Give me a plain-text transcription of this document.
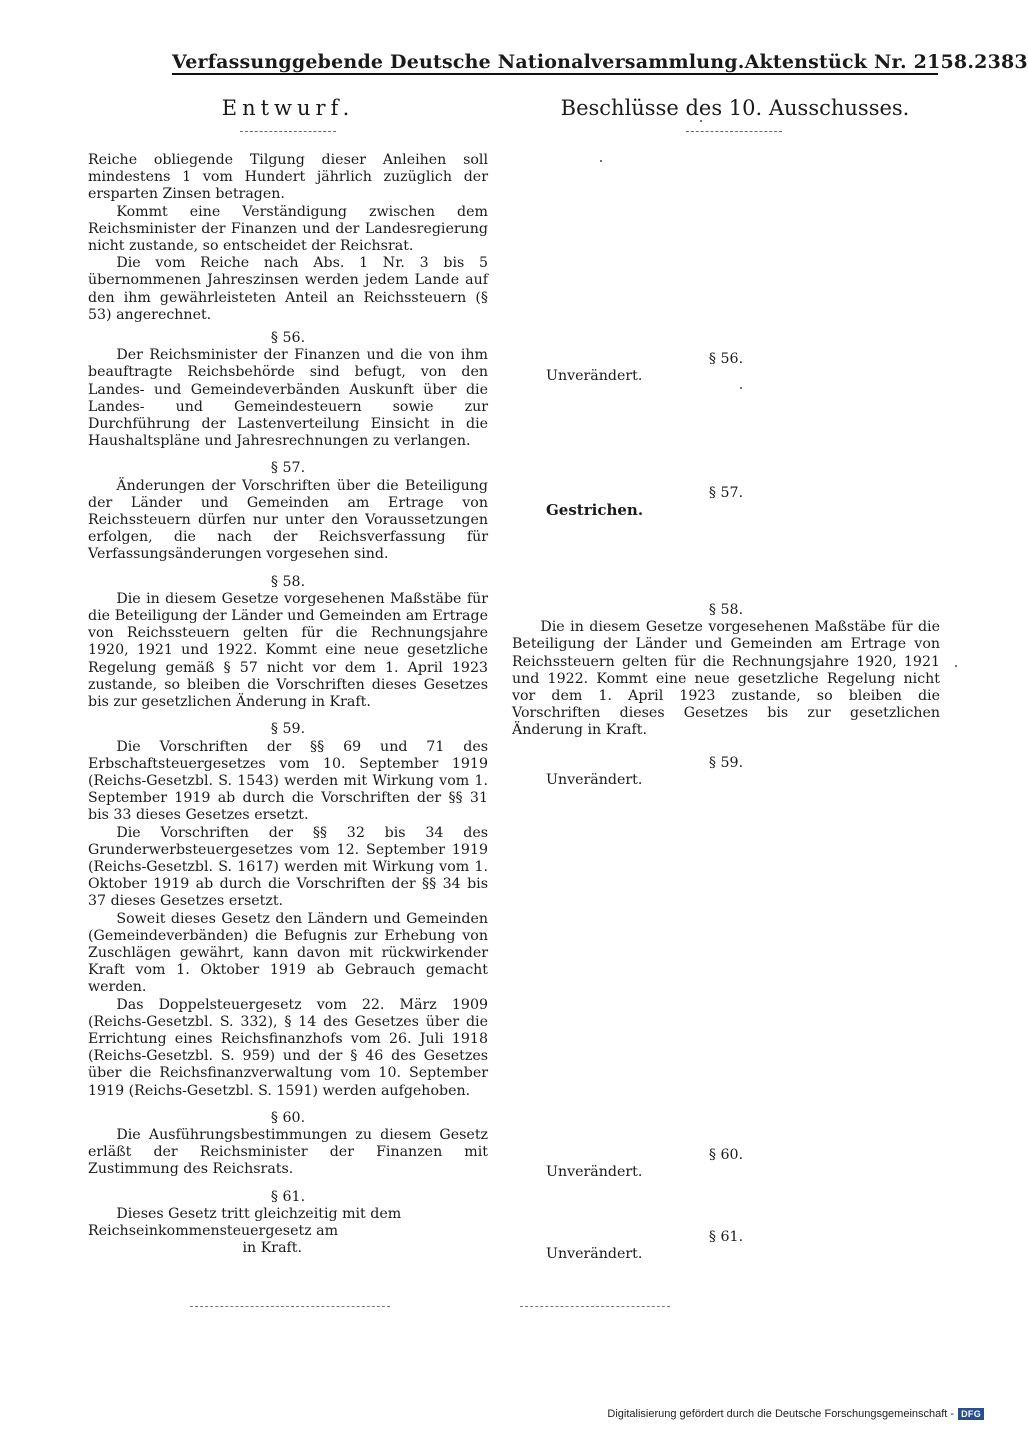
Verfassunggebende Deutsche Nationalversammlung. Aktenstück Nr. 2158. 2383
Entwurf.	Beschlüsse des 10. Ausschusses.

Reiche obliegende Tilgung dieser Anleihen soll mindestens 1 vom Hundert jährlich zuzüglich der ersparten Zinsen betragen.

Kommt eine Verständigung zwischen dem Reichsminister der Finanzen und der Landesregierung nicht zustande, so entscheidet der Reichsrat.

Die vom Reiche nach Abs. 1 Nr. 3 bis 5 übernommenen Jahreszinsen werden jedem Lande auf den ihm gewährleisteten Anteil an Reichssteuern (§ 53) angerechnet.

§ 56.

Der Reichsminister der Finanzen und die von ihm beauftragte Reichsbehörde sind befugt, von den Landes- und Gemeindeverbänden Auskunft über die Landes- und Gemeindesteuern sowie zur Durchführung der Lastenverteilung Einsicht in die Haushaltspläne und Jahresrechnungen zu verlangen.

§ 57.

Änderungen der Vorschriften über die Beteiligung der Länder und Gemeinden am Ertrage von Reichssteuern dürfen nur unter den Voraussetzungen erfolgen, die nach der Reichsverfassung für Verfassungsänderungen vorgesehen sind.

§ 58.

Die in diesem Gesetze vorgesehenen Maßstäbe für die Beteiligung der Länder und Gemeinden am Ertrage von Reichssteuern gelten für die Rechnungsjahre 1920, 1921 und 1922. Kommt eine neue gesetzliche Regelung gemäß § 57 nicht vor dem 1. April 1923 zustande, so bleiben die Vorschriften dieses Gesetzes bis zur gesetzlichen Änderung in Kraft.

§ 59.

Die Vorschriften der §§ 69 und 71 des Erbschaftsteuergesetzes vom 10. September 1919 (Reichs-Gesetzbl. S. 1543) werden mit Wirkung vom 1. September 1919 ab durch die Vorschriften der §§ 31 bis 33 dieses Gesetzes ersetzt.

Die Vorschriften der §§ 32 bis 34 des Grunderwerbsteuergesetzes vom 12. September 1919 (Reichs-Gesetzbl. S. 1617) werden mit Wirkung vom 1. Oktober 1919 ab durch die Vorschriften der §§ 34 bis 37 dieses Gesetzes ersetzt.

Soweit dieses Gesetz den Ländern und Gemeinden (Gemeindeverbänden) die Befugnis zur Erhebung von Zuschlägen gewährt, kann davon mit rückwirkender Kraft vom 1. Oktober 1919 ab Gebrauch gemacht werden.

Das Doppelsteuergesetz vom 22. März 1909 (Reichs-Gesetzbl. S. 332), § 14 des Gesetzes über die Errichtung eines Reichsfinanzhofs vom 26. Juli 1918 (Reichs-Gesetzbl. S. 959) und der § 46 des Gesetzes über die Reichsfinanzverwaltung vom 10. September 1919 (Reichs-Gesetzbl. S. 1591) werden aufgehoben.

§ 60.

Die Ausführungsbestimmungen zu diesem Gesetz erläßt der Reichsminister der Finanzen mit Zustimmung des Reichsrats.

§ 61.

Dieses Gesetz tritt gleichzeitig mit dem Reichseinkommensteuergesetz am  in Kraft.

§ 56.

Unverändert.

§ 57.

Gestrichen.

§ 58.

Die in diesem Gesetze vorgesehenen Maßstäbe für die Beteiligung der Länder und Gemeinden am Ertrage von Reichssteuern gelten für die Rechnungsjahre 1920, 1921 und 1922. Kommt eine neue gesetzliche Regelung nicht vor dem 1. April 1923 zustande, so bleiben die Vorschriften dieses Gesetzes bis zur gesetzlichen Änderung in Kraft.

§ 59.

Unverändert.

§ 60.

Unverändert.

§ 61.

Unverändert.

Digitalisierung gefördert durch die Deutsche Forschungsgemeinschaft - DFG
